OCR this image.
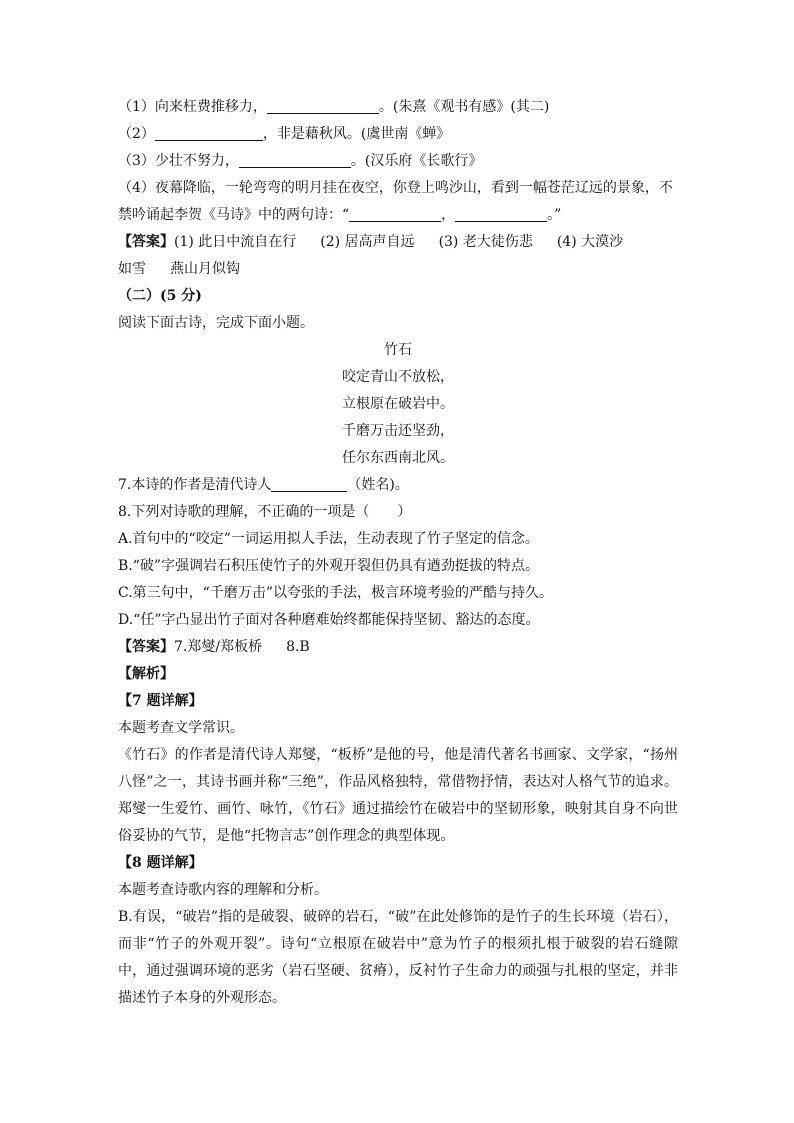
（1）向来枉费推移力，	。(朱熹《观书有感》(其二)
（2）	，非是藉秋风。(虞世南《蝉》
（3）少壮不努力，	。(汉乐府《长歌行》
（4）夜幕降临，一轮弯弯的明月挂在夜空，你登上鸣沙山，看到一幅苍茫辽远的景象，不
禁吟诵起李贺《马诗》中的两句诗：“	，	。”
【答案】(1) 此日中流自在行 (2) 居高声自远 (3) 老大徒伤悲 (4) 大漠沙
如雪 燕山月似钩
（二）(5 分)
阅读下面古诗，完成下面小题。
竹石
咬定青山不放松，
立根原在破岩中。
千磨万击还坚劲，
任尔东西南北风。
7.本诗的作者是清代诗人	（姓名)。
8.下列对诗歌的理解，不正确的一项是（　　）
A.首句中的“咬定”一词运用拟人手法，生动表现了竹子坚定的信念。
B.“破”字强调岩石积压使竹子的外观开裂但仍具有遒劲挺拔的特点。
C.第三句中，“千磨万击”以夸张的手法，极言环境考验的严酷与持久。
D.“任”字凸显出竹子面对各种磨难始终都能保持坚韧、豁达的态度。
【答案】7.郑燮/郑板桥 8.B
【解析】
【7 题详解】
本题考查文学常识。
《竹石》的作者是清代诗人郑燮，“板桥”是他的号，他是清代著名书画家、文学家，“扬州八怪”之一，其诗书画并称“三绝”，作品风格独特，常借物抒情，表达对人格气节的追求。郑燮一生爱竹、画竹、咏竹，《竹石》通过描绘竹在破岩中的坚韧形象，映射其自身不向世俗妥协的气节，是他“托物言志”创作理念的典型体现。
【8 题详解】
本题考查诗歌内容的理解和分析。
B.有误，“破岩”指的是破裂、破碎的岩石，“破”在此处修饰的是竹子的生长环境（岩石），而非“竹子的外观开裂”。诗句“立根原在破岩中”意为竹子的根须扎根于破裂的岩石缝隙中，通过强调环境的恶劣（岩石坚硬、贫瘠），反衬竹子生命力的顽强与扎根的坚定，并非描述竹子本身的外观形态。
